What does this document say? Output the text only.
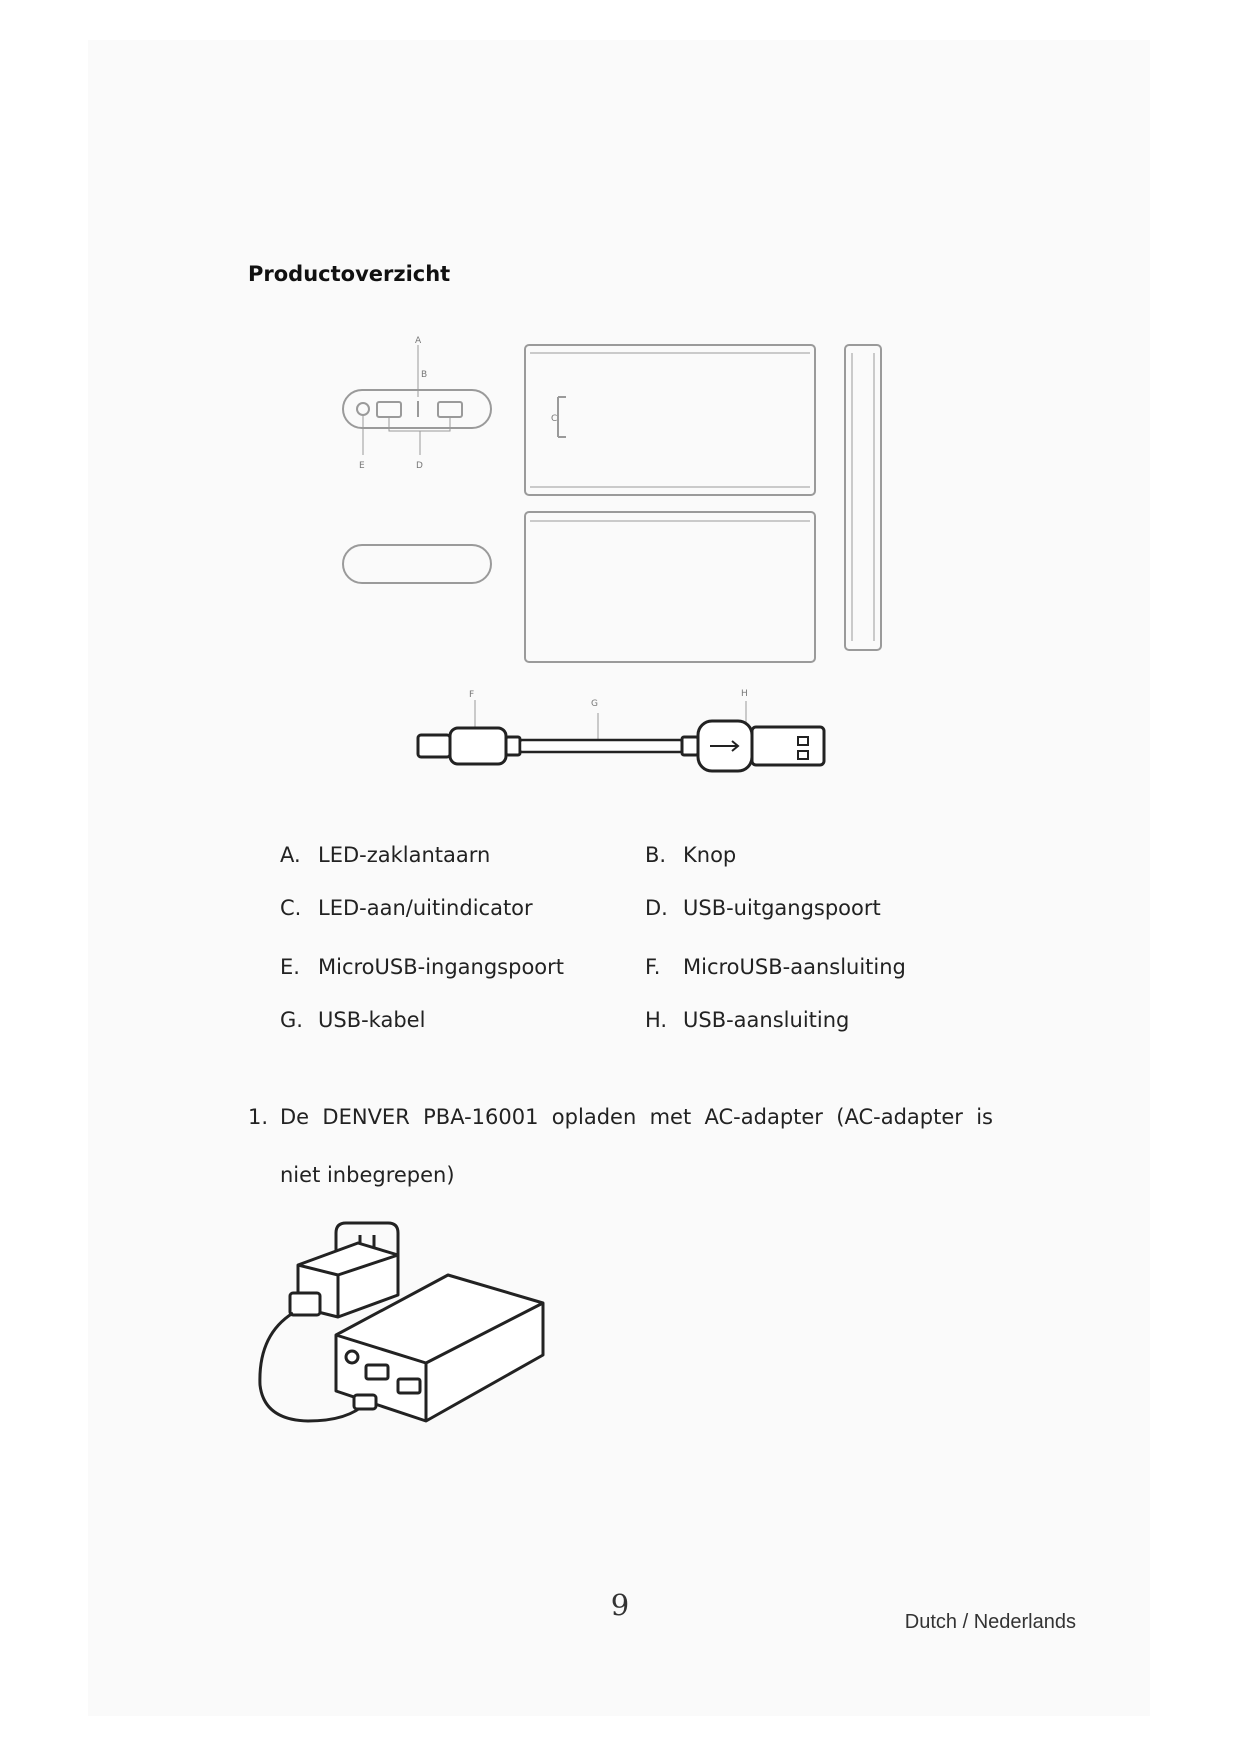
Productoverzicht
A
B
C
E	D
F
G
H
A. LED-zaklantaarn	B. Knop
C. LED-aan/uitindicator	D. USB-uitgangspoort
E. MicroUSB-ingangspoort	F. MicroUSB-aansluiting
G. USB-kabel	H. USB-aansluiting
1. De DENVER PBA-16001 opladen met AC-adapter (AC-adapter is niet inbegrepen)
9	Dutch / Nederlands
